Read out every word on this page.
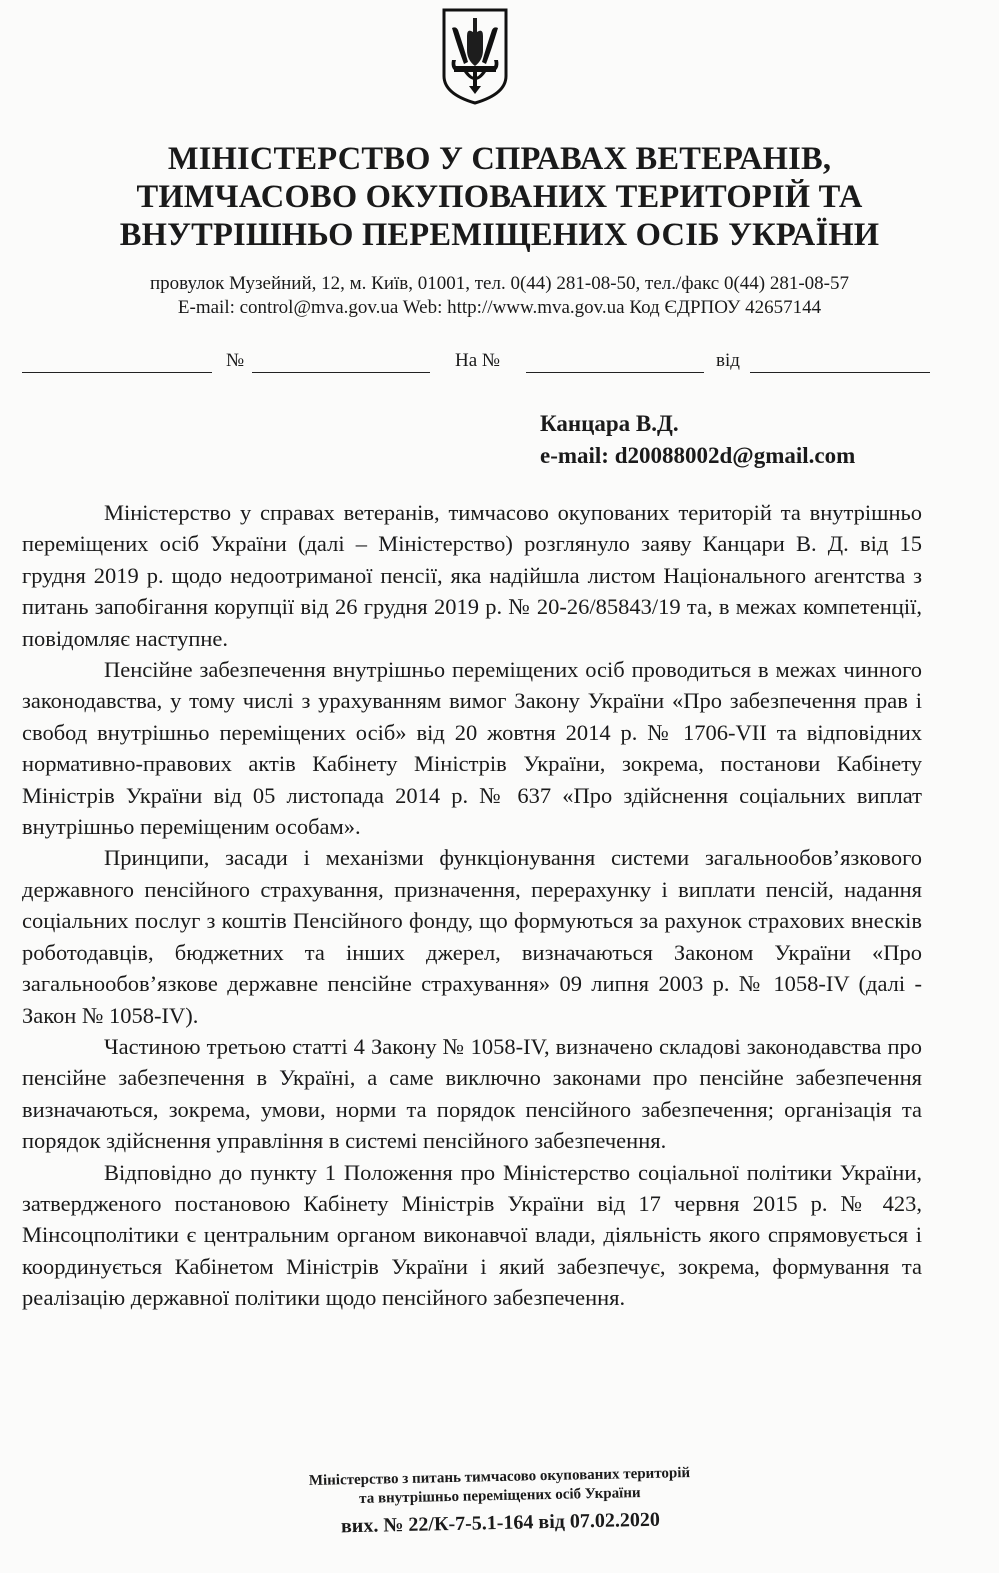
МІНІСТЕРСТВО У СПРАВАХ ВЕТЕРАНІВ,
ТИМЧАСОВО ОКУПОВАНИХ ТЕРИТОРІЙ ТА
ВНУТРІШНЬО ПЕРЕМІЩЕНИХ ОСІБ УКРАЇНИ
провулок Музейний, 12, м. Київ, 01001, тел. 0(44) 281-08-50, тел./факс 0(44) 281-08-57
E-mail: control@mva.gov.ua Web: http://www.mva.gov.ua Код ЄДРПОУ 42657144
№	На №	від
Канцара В.Д.
e-mail: d20088002d@gmail.com

Міністерство у справах ветеранів, тимчасово окупованих територій та внутрішньо переміщених осіб України (далі – Міністерство) розглянуло заяву Канцари В. Д. від 15 грудня 2019 р. щодо недоотриманої пенсії, яка надійшла листом Національного агентства з питань запобігання корупції від 26 грудня 2019 р. № 20-26/85843/19 та, в межах компетенції, повідомляє наступне.

Пенсійне забезпечення внутрішньо переміщених осіб проводиться в межах чинного законодавства, у тому числі з урахуванням вимог Закону України «Про забезпечення прав і свобод внутрішньо переміщених осіб» від 20 жовтня 2014 р. № 1706-VII та відповідних нормативно-правових актів Кабінету Міністрів України, зокрема, постанови Кабінету Міністрів України від 05 листопада 2014 р. № 637 «Про здійснення соціальних виплат внутрішньо переміщеним особам».

Принципи, засади і механізми функціонування системи загальнообов’язкового державного пенсійного страхування, призначення, перерахунку і виплати пенсій, надання соціальних послуг з коштів Пенсійного фонду, що формуються за рахунок страхових внесків роботодавців, бюджетних та інших джерел, визначаються Законом України «Про загальнообов’язкове державне пенсійне страхування» 09 липня 2003 р. № 1058-IV (далі - Закон № 1058-IV).

Частиною третьою статті 4 Закону № 1058-IV, визначено складові законодавства про пенсійне забезпечення в Україні, а саме виключно законами про пенсійне забезпечення визначаються, зокрема, умови, норми та порядок пенсійного забезпечення; організація та порядок здійснення управління в системі пенсійного забезпечення.

Відповідно до пункту 1 Положення про Міністерство соціальної політики України, затвердженого постановою Кабінету Міністрів України від 17 червня 2015 р. № 423, Мінсоцполітики є центральним органом виконавчої влади, діяльність якого спрямовується і координується Кабінетом Міністрів України і який забезпечує, зокрема, формування та реалізацію державної політики щодо пенсійного забезпечення.

Міністерство з питань тимчасово окупованих територій
та внутрішньо переміщених осіб України
вих. № 22/К-7-5.1-164 від 07.02.2020
